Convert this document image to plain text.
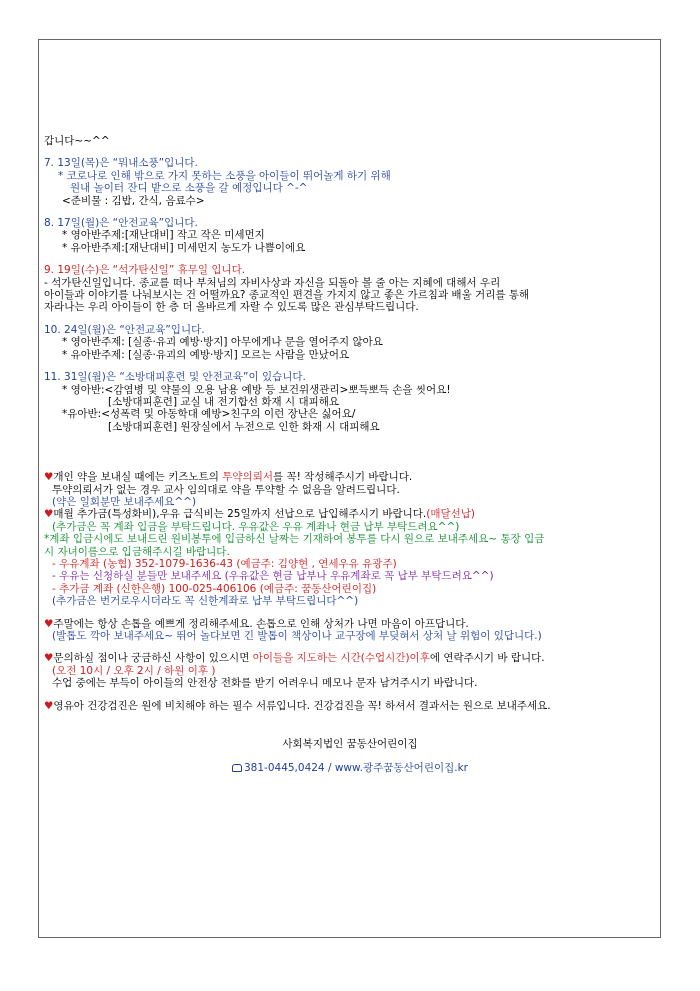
갑니다~~^^
7. 13일(목)은 “뭐내소풍”입니다.
* 코로나로 인해 밖으로 가지 못하는 소풍을 아이들이 뛰어놀게 하기 위해
원내 놀이터 잔디 밭으로 소풍을 갈 예정입니다 ^-^
<준비물 : 김밥, 간식, 음료수>
8. 17일(월)은 “안전교육”입니다.
* 영아반주제:[재난대비] 작고 작은 미세먼지
* 유아반주제:[재난대비] 미세먼지 농도가 나쁨이에요
9. 19일(수)은 “석가탄신일” 휴무일 입니다.
- 석가탄신일입니다. 종교를 떠나 부처님의 자비사상과 자신을 되돌아 볼 줄 아는 지혜에 대해서 우리
아이들과 이야기를 나눠보시는 건 어떨까요? 종교적인 편견을 가지지 않고 좋은 가르침과 배울 거리를 통해
자라나는 우리 아이들이 한 층 더 올바르게 자랄 수 있도록 많은 관심부탁드립니다.
10. 24일(월)은 “안전교육”입니다.
* 영아반주제: [실종·유괴 예방·방지] 아무에게나 문을 열어주지 않아요
* 유아반주제: [실종·유괴의 예방·방지] 모르는 사람을 만났어요
11. 31일(월)은 “소방대피훈련 및 안전교육”이 있습니다.
* 영아반:<감염병 및 약물의 오용 남용 예방 등 보건위생관리>뽀득뽀득 손을 씻어요!
[소방대피훈련] 교실 내 전기합선 화재 시 대피해요
*유아반:<성폭력 및 아동학대 예방>친구의 이런 장난은 싫어요/
[소방대피훈련] 원장실에서 누전으로 인한 화재 시 대피해요
♥개인 약을 보내실 때에는 키즈노트의 투약의뢰서를 꼭! 작성해주시기 바랍니다.
투약의뢰서가 없는 경우 교사 임의대로 약을 투약할 수 없음을 알려드립니다.
(약은 일회분만 보내주세요^^)
♥매월 추가금(특성화비),우유 급식비는 25일까지 선납으로 납입해주시기 바랍니다.(매달선납)
(추가금은 꼭 계좌 입금을 부탁드립니다. 우유값은 우유 계좌나 현금 납부 부탁드려요^^)
*계좌 입금시에도 보내드린 원비봉투에 입금하신 날짜는 기재하여 봉투를 다시 원으로 보내주세요~ 통장 입금
시 자녀이름으로 입금해주시길 바랍니다.
- 우유계좌 (농협) 352-1079-1636-43 (예금주: 김양현 , 연세우유 유광주)
- 우유는 신청하실 분들만 보내주세요 (우유값은 현금 납부나 우유계좌로 꼭 납부 부탁드려요^^)
- 추가금 계좌 (신한은행) 100-025-406106 (예금주: 꿈동산어린이집)
(추가금은 번거로우시더라도 꼭 신한계좌로 납부 부탁드립니다^^)
♥주말에는 항상 손톱을 예쁘게 정리해주세요. 손톱으로 인해 상처가 나면 마음이 아프답니다.
(발톱도 깍아 보내주세요~ 뛰어 놀다보면 긴 발톱이 책상이나 교구장에 부딪혀서 상처 날 위험이 있답니다.)
♥문의하실 점이나 궁금하신 사항이 있으시면 아이들을 지도하는 시간(수업시간)이후에 연락주시기 바 랍니다.
(오전 10시 / 오후 2시 / 하원 이후 )
수업 중에는 부득이 아이들의 안전상 전화를 받기 어려우니 메모나 문자 남겨주시기 바랍니다.
♥영유아 건강검진은 원에 비치해야 하는 필수 서류입니다. 건강검진을 꼭! 하셔서 결과서는 원으로 보내주세요.
사회복지법인 꿈동산어린이집
381-0445,0424 / www.광주꿈동산어린이집.kr
